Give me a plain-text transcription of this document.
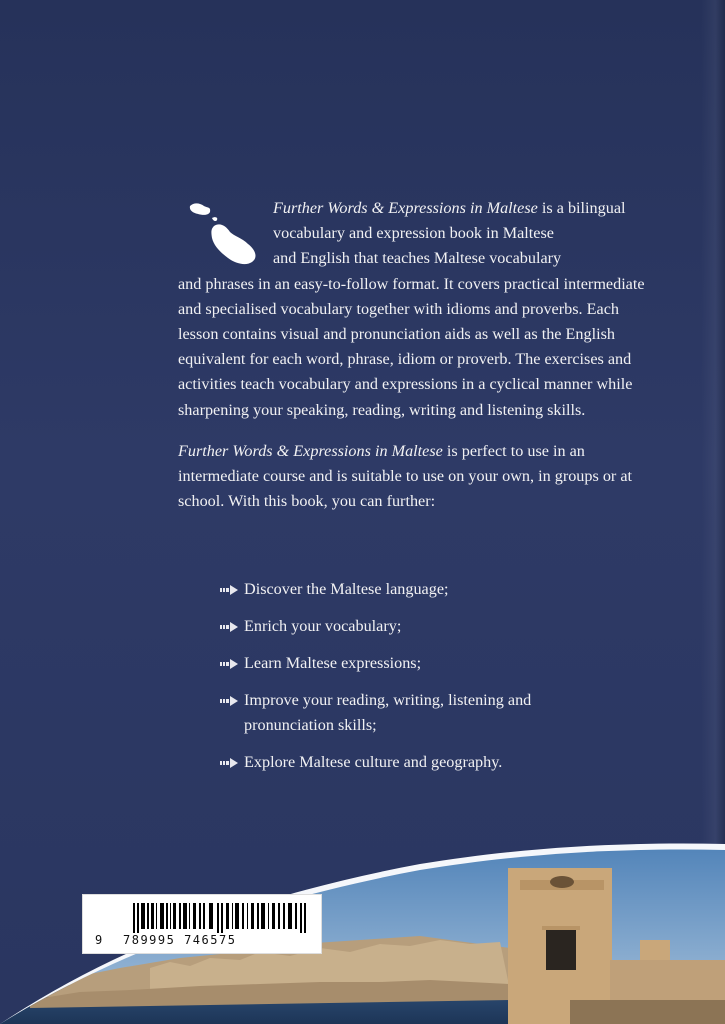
Further Words & Expressions in Maltese is a bilingual
vocabulary and expression book in Maltese
and English that teaches Maltese vocabulary
and phrases in an easy-to-follow format. It covers practical intermediate and specialised vocabulary together with idioms and proverbs. Each lesson contains visual and pronunciation aids as well as the English equivalent for each word, phrase, idiom or proverb. The exercises and activities teach vocabulary and expressions in a cyclical manner while sharpening your speaking, reading, writing and listening skills.

Further Words & Expressions in Maltese is perfect to use in an intermediate course and is suitable to use on your own, in groups or at school. With this book, you can further:

Discover the Maltese language;
Enrich your vocabulary;
Learn Maltese expressions;
Improve your reading, writing, listening and pronunciation skills;
Explore Maltese culture and geography.
9 789995 746575
